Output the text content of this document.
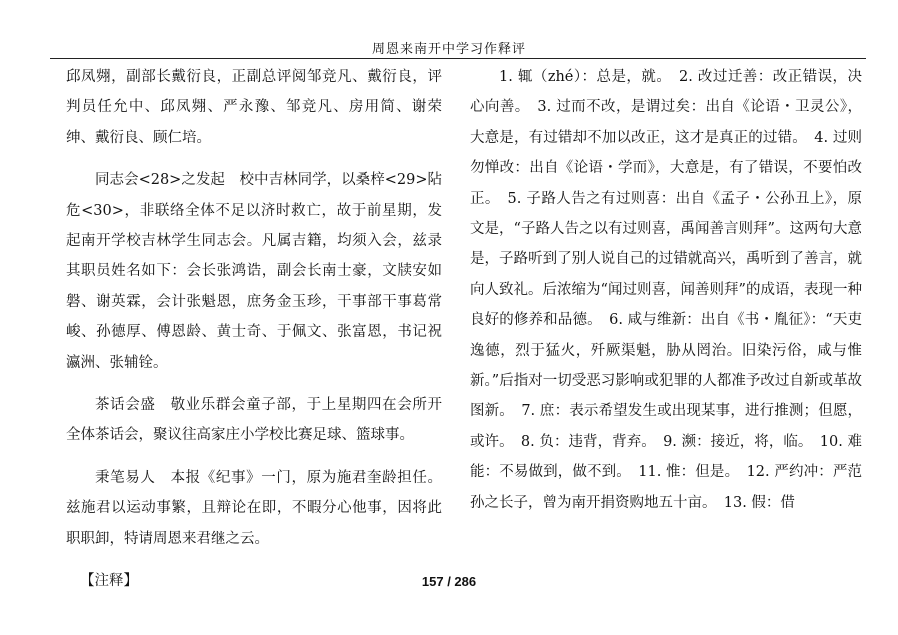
周恩来南开中学习作释评

邱凤翙，副部长戴衍良，正副总评阅邹竞凡、戴衍良，评判员任允中、邱凤翙、严永豫、邹竞凡、房用简、谢荣绅、戴衍良、顾仁培。

同志会<28>之发起　校中吉林同学，以桑梓<29>阽危<30>，非联络全体不足以济时救亡，故于前星期，发起南开学校吉林学生同志会。凡属吉籍，均须入会，兹录其职员姓名如下：会长张鸿诰，副会长南士豪，文牍安如磐、谢英霖，会计张魁恩，庶务金玉珍，干事部干事葛常峻、孙德厚、傅恩龄、黄士奇、于佩文、张富恩，书记祝瀛洲、张辅铨。

茶话会盛　敬业乐群会童子部，于上星期四在会所开全体茶话会，聚议往高家庄小学校比赛足球、篮球事。

秉笔易人　本报《纪事》一门，原为施君奎龄担任。兹施君以运动事繁，且辩论在即，不暇分心他事，因将此职职卸，特请周恩来君继之云。

【注释】

1. 辄（zhé）：总是，就。　2. 改过迁善：改正错误，决心向善。　3. 过而不改，是谓过矣：出自《论语・卫灵公》，大意是，有过错却不加以改正，这才是真正的过错。　4. 过则勿惮改：出自《论语・学而》，大意是，有了错误，不要怕改正。　5. 子路人告之有过则喜：出自《孟子・公孙丑上》，原文是，“子路人告之以有过则喜，禹闻善言则拜”。这两句大意是，子路听到了别人说自己的过错就高兴，禹听到了善言，就向人致礼。后浓缩为“闻过则喜，闻善则拜”的成语，表现一种良好的修养和品德。　6. 咸与维新：出自《书・胤征》：“天吏逸德，烈于猛火，歼厥渠魁，胁从罔治。旧染污俗，咸与惟新。”后指对一切受恶习影响或犯罪的人都准予改过自新或革故图新。　7. 庶：表示希望发生或出现某事，进行推测；但愿，或许。　8. 负：违背，背弃。　9. 濒：接近，将，临。　10. 难能：不易做到，做不到。　11. 惟：但是。　12. 严约冲：严范孙之长子，曾为南开捐资购地五十亩。　13. 假：借

157 / 286
